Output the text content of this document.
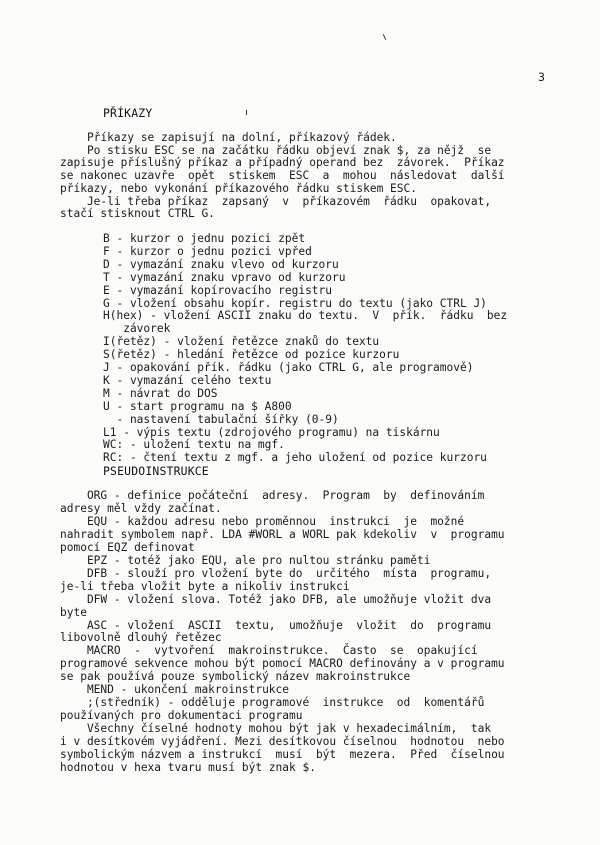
3
PŘÍKAZY
Příkazy se zapisují na dolní, příkazový řádek.
Po stisku ESC se na začátku řádku objeví znak $, za nějž  se
zapisuje příslušný příkaz a případný operand bez  závorek.  Příkaz
se nakonec uzavře  opět  stiskem  ESC  a  mohou  následovat  další
příkazy, nebo vykonání příkazového řádku stiskem ESC.
Je-li třeba příkaz  zapsaný  v  příkazovém  řádku  opakovat,
stačí stisknout CTRL G.
B - kurzor o jednu pozici zpět
F - kurzor o jednu pozici vpřed
D - vymazání znaku vlevo od kurzoru
T - vymazání znaku vpravo od kurzoru
E - vymazání kopírovacího registru
G - vložení obsahu kopír. registru do textu (jako CTRL J)
H(hex) - vložení ASCII znaku do textu.  V  přík.  řádku  bez
závorek
I(řetěz) - vložení řetězce znaků do textu
S(řetěz) - hledání řetězce od pozice kurzoru
J - opakování přík. řádku (jako CTRL G, ale programově)
K - vymazání celého textu
M - návrat do DOS
U - start programu na $ A800
- nastavení tabulační šířky (0-9)
L1 - výpis textu (zdrojového programu) na tiskárnu
WC: - uložení textu na mgf.
RC: - čtení textu z mgf. a jeho uložení od pozice kurzoru
PSEUDOINSTRUKCE
ORG - definice počáteční  adresy.  Program  by  definováním
adresy měl vždy začínat.
EQU - každou adresu nebo proměnnou  instrukci  je  možné
nahradit symbolem např. LDA #WORL a WORL pak kdekoliv  v  programu
pomocí EQZ definovat
EPZ - totéž jako EQU, ale pro nultou stránku paměti
DFB - slouží pro vložení byte do  určitého  místa  programu,
je-li třeba vložit byte a nikoliv instrukci
DFW - vložení slova. Totéž jako DFB, ale umožňuje vložit dva
byte
ASC - vložení  ASCII  textu,  umožňuje  vložit  do  programu
libovolně dlouhý řetězec
MACRO  -  vytvoření  makroinstrukce.  Často  se  opakující
programové sekvence mohou být pomocí MACRO definovány a v programu
se pak používá pouze symbolický název makroinstrukce
MEND - ukončení makroinstrukce
;(středník) - odděluje programové  instrukce  od  komentářů
používaných pro dokumentaci programu
Všechny číselné hodnoty mohou být jak v hexadecimálním,  tak
i v desítkovém vyjádření. Mezi desítkovou číselnou  hodnotou  nebo
symbolickým názvem a instrukcí  musí  být  mezera.  Před  číselnou
hodnotou v hexa tvaru musí být znak $.
